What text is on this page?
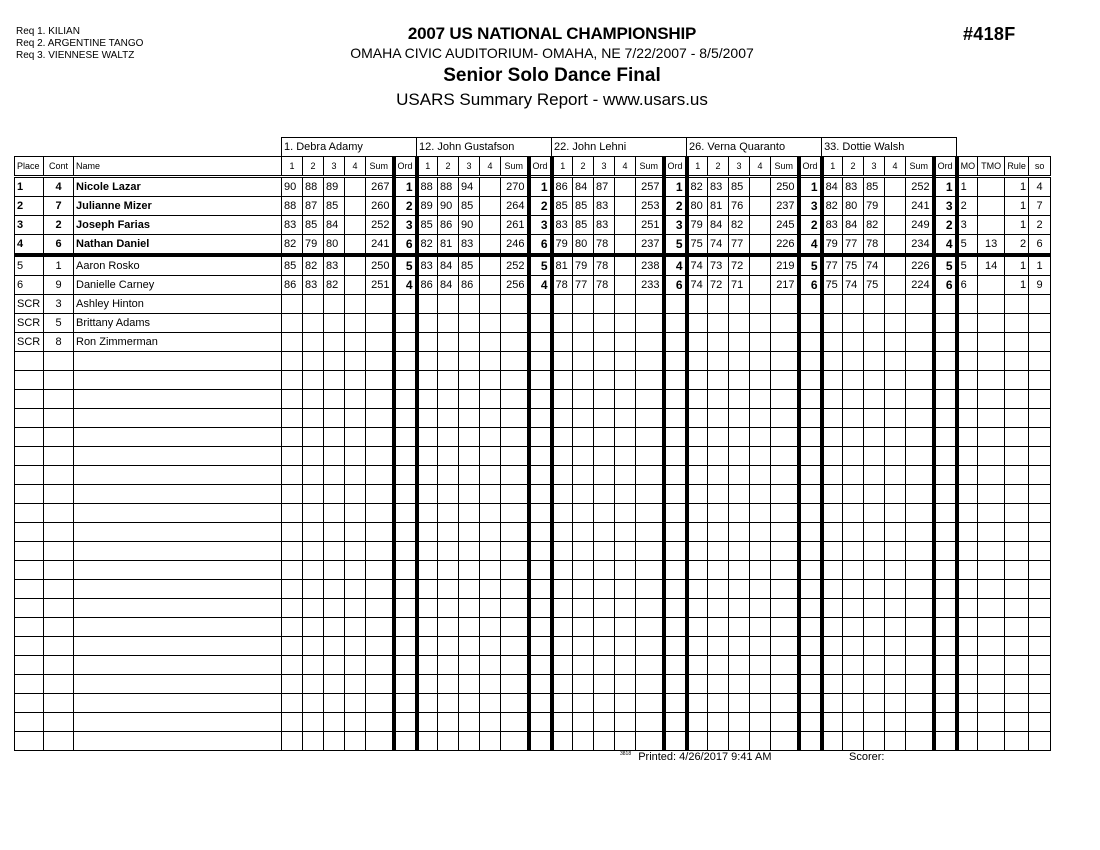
Req 1. KILIAN
Req 2. ARGENTINE TANGO
Req 3. VIENNESE WALTZ
2007 US NATIONAL CHAMPIONSHIP
OMAHA CIVIC AUDITORIUM- OMAHA, NE 7/22/2007 - 8/5/2007
Senior Solo Dance Final
USARS Summary Report - www.usars.us
#418F
			1. Debra Adamy						12. John Gustafson						22. John Lehni						26. Verna Quaranto						33. Dottie Walsh									
Place	Cont	Name	1	2	3	4	Sum	Ord	1	2	3	4	Sum	Ord	1	2	3	4	Sum	Ord	1	2	3	4	Sum	Ord	1	2	3	4	Sum	Ord	MO	TMO	Rule	so
1	4	Nicole Lazar	90	88	89		267	1	88	88	94		270	1	86	84	87		257	1	82	83	85		250	1	84	83	85		252	1	1		1	4
2	7	Julianne Mizer	88	87	85		260	2	89	90	85		264	2	85	85	83		253	2	80	81	76		237	3	82	80	79		241	3	2		1	7
3	2	Joseph Farias	83	85	84		252	3	85	86	90		261	3	83	85	83		251	3	79	84	82		245	2	83	84	82		249	2	3		1	2
4	6	Nathan Daniel	82	79	80		241	6	82	81	83		246	6	79	80	78		237	5	75	74	77		226	4	79	77	78		234	4	5	13	2	6
5	1	Aaron Rosko	85	82	83		250	5	83	84	85		252	5	81	79	78		238	4	74	73	72		219	5	77	75	74		226	5	5	14	1	1
6	9	Danielle Carney	86	83	82		251	4	86	84	86		256	4	78	77	78		233	6	74	72	71		217	6	75	74	75		224	6	6		1	9
SCR	3	Ashley Hinton																																		
SCR	5	Brittany Adams																																		
SCR	8	Ron Zimmerman																																		

$^{3818}$ Printed: 4/26/2017 9:41 AM	Scorer:
